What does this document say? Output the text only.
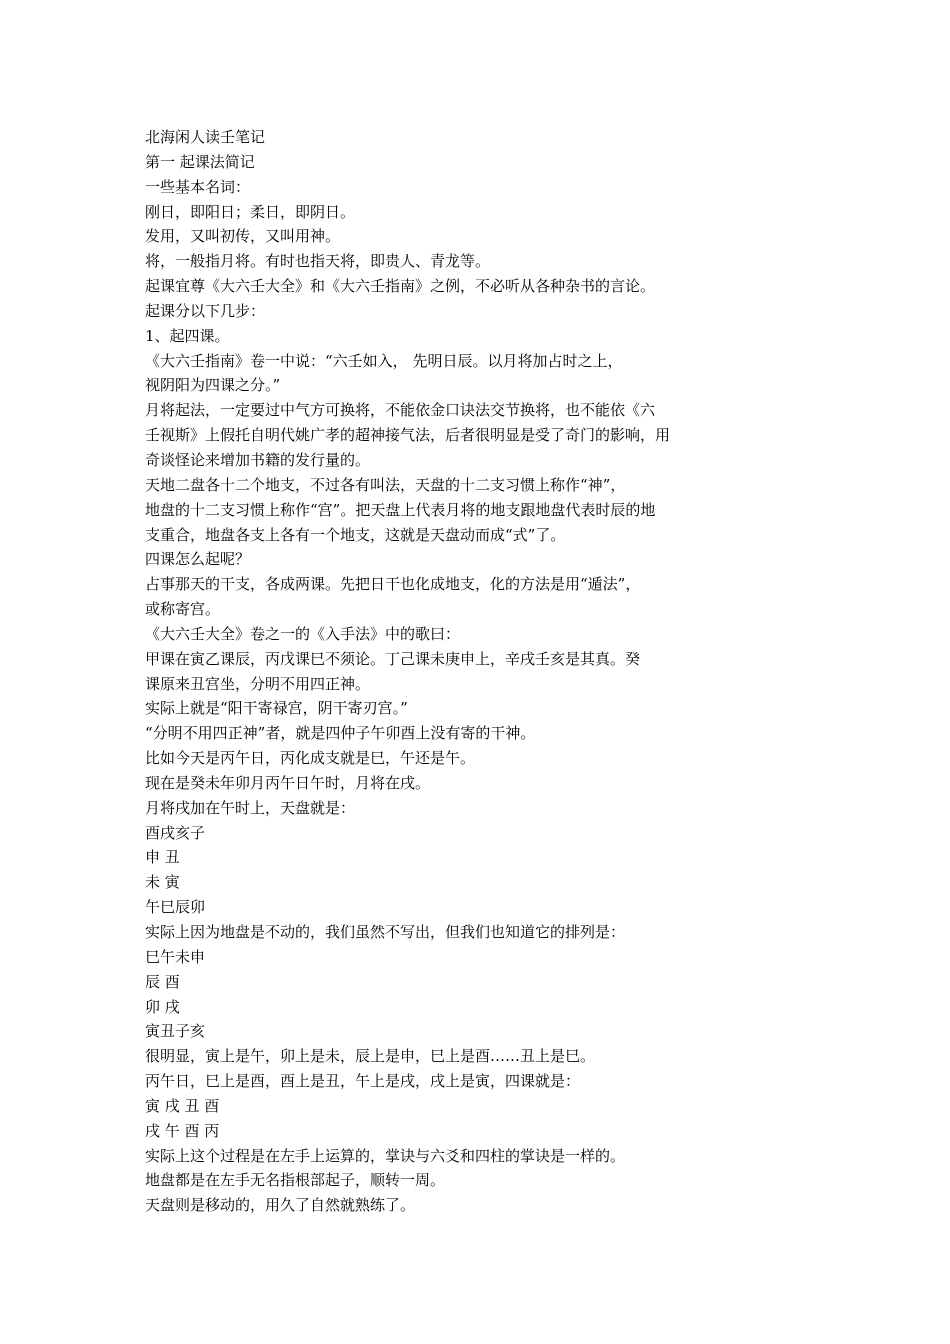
北海闲人读壬笔记

第一 起课法简记

一些基本名词：

刚日，即阳日；柔日，即阴日。

发用，又叫初传，又叫用神。

将，一般指月将。有时也指天将，即贵人、青龙等。

起课宜尊《大六壬大全》和《大六壬指南》之例，不必听从各种杂书的言论。

起课分以下几步：

1、起四课。

《大六壬指南》卷一中说：“六壬如入， 先明日辰。以月将加占时之上，

视阴阳为四课之分。”

月将起法，一定要过中气方可换将，不能依金口诀法交节换将，也不能依《六

壬视斯》上假托自明代姚广孝的超神接气法，后者很明显是受了奇门的影响，用

奇谈怪论来增加书籍的发行量的。

天地二盘各十二个地支，不过各有叫法，天盘的十二支习惯上称作“神”，

地盘的十二支习惯上称作“宫”。把天盘上代表月将的地支跟地盘代表时辰的地

支重合，地盘各支上各有一个地支，这就是天盘动而成“式”了。

四课怎么起呢？

占事那天的干支，各成两课。先把日干也化成地支，化的方法是用“遁法”，

或称寄宫。

《大六壬大全》卷之一的《入手法》中的歌曰：

甲课在寅乙课辰，丙戊课巳不须论。丁己课未庚申上，辛戌壬亥是其真。癸

课原来丑宫坐，分明不用四正神。

实际上就是“阳干寄禄宫，阴干寄刃宫。”

“分明不用四正神”者，就是四仲子午卯酉上没有寄的干神。

比如今天是丙午日，丙化成支就是巳，午还是午。

现在是癸未年卯月丙午日午时，月将在戌。

月将戌加在午时上，天盘就是：

酉戌亥子

申 丑

未 寅

午巳辰卯

实际上因为地盘是不动的，我们虽然不写出，但我们也知道它的排列是：

巳午未申

辰 酉

卯 戌

寅丑子亥

很明显，寅上是午，卯上是未，辰上是申，巳上是酉……丑上是巳。

丙午日，巳上是酉，酉上是丑，午上是戌，戌上是寅，四课就是：

寅 戌 丑 酉

戌 午 酉 丙

实际上这个过程是在左手上运算的，掌诀与六爻和四柱的掌诀是一样的。

地盘都是在左手无名指根部起子，顺转一周。

天盘则是移动的，用久了自然就熟练了。
